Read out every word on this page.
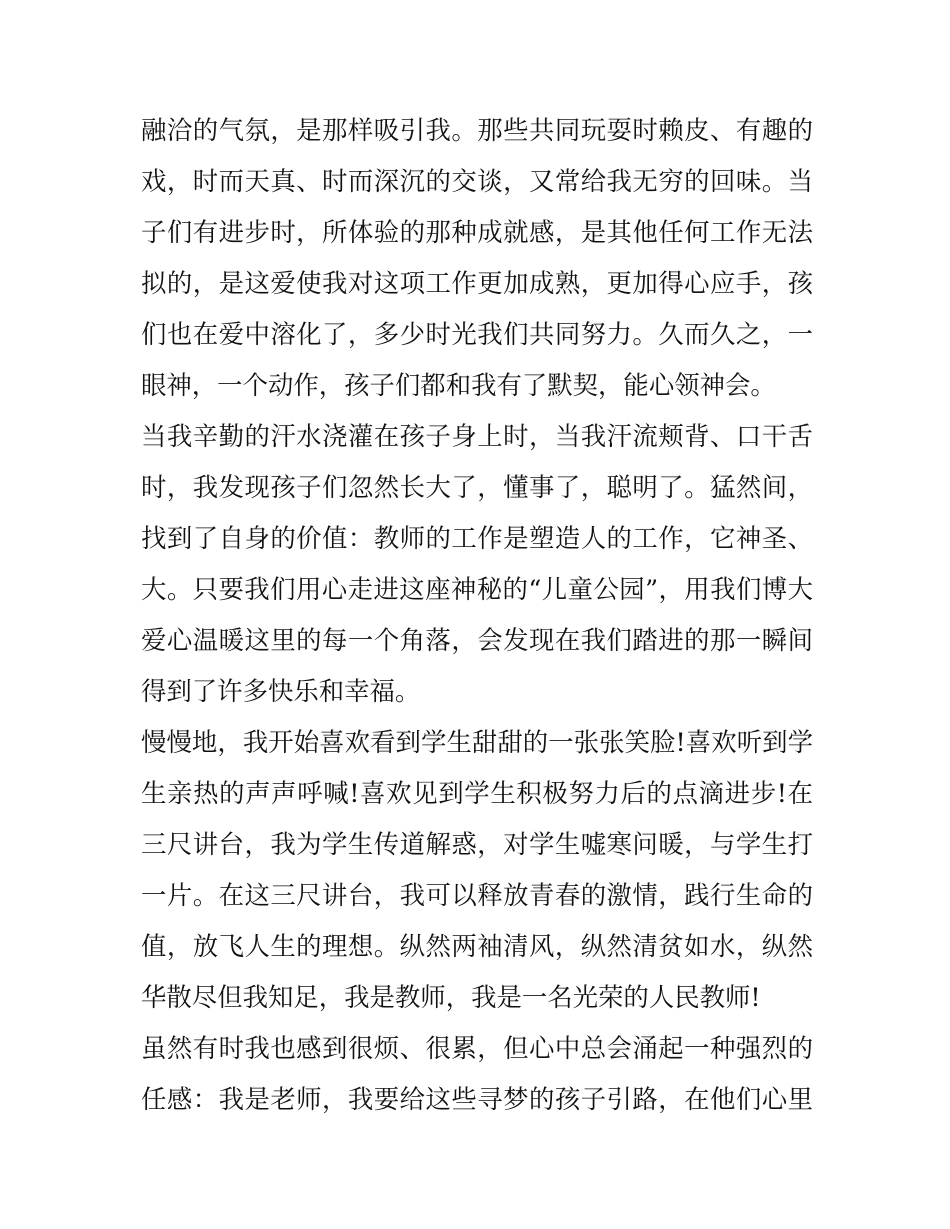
融洽的气氛，是那样吸引我。那些共同玩耍时赖皮、有趣的
戏，时而天真、时而深沉的交谈，又常给我无穷的回味。当
子们有进步时，所体验的那种成就感，是其他任何工作无法
拟的，是这爱使我对这项工作更加成熟，更加得心应手，孩
们也在爱中溶化了，多少时光我们共同努力。久而久之，一
眼神，一个动作，孩子们都和我有了默契，能心领神会。
当我辛勤的汗水浇灌在孩子身上时，当我汗流颊背、口干舌
时，我发现孩子们忽然长大了，懂事了，聪明了。猛然间，
找到了自身的价值：教师的工作是塑造人的工作，它神圣、
大。只要我们用心走进这座神秘的“儿童公园”，用我们博大
爱心温暖这里的每一个角落，会发现在我们踏进的那一瞬间
得到了许多快乐和幸福。
慢慢地，我开始喜欢看到学生甜甜的一张张笑脸!喜欢听到学
生亲热的声声呼喊!喜欢见到学生积极努力后的点滴进步!在
三尺讲台，我为学生传道解惑，对学生嘘寒问暖，与学生打
一片。在这三尺讲台，我可以释放青春的激情，践行生命的
值，放飞人生的理想。纵然两袖清风，纵然清贫如水，纵然
华散尽但我知足，我是教师，我是一名光荣的人民教师!
虽然有时我也感到很烦、很累，但心中总会涌起一种强烈的
任感：我是老师，我要给这些寻梦的孩子引路，在他们心里
